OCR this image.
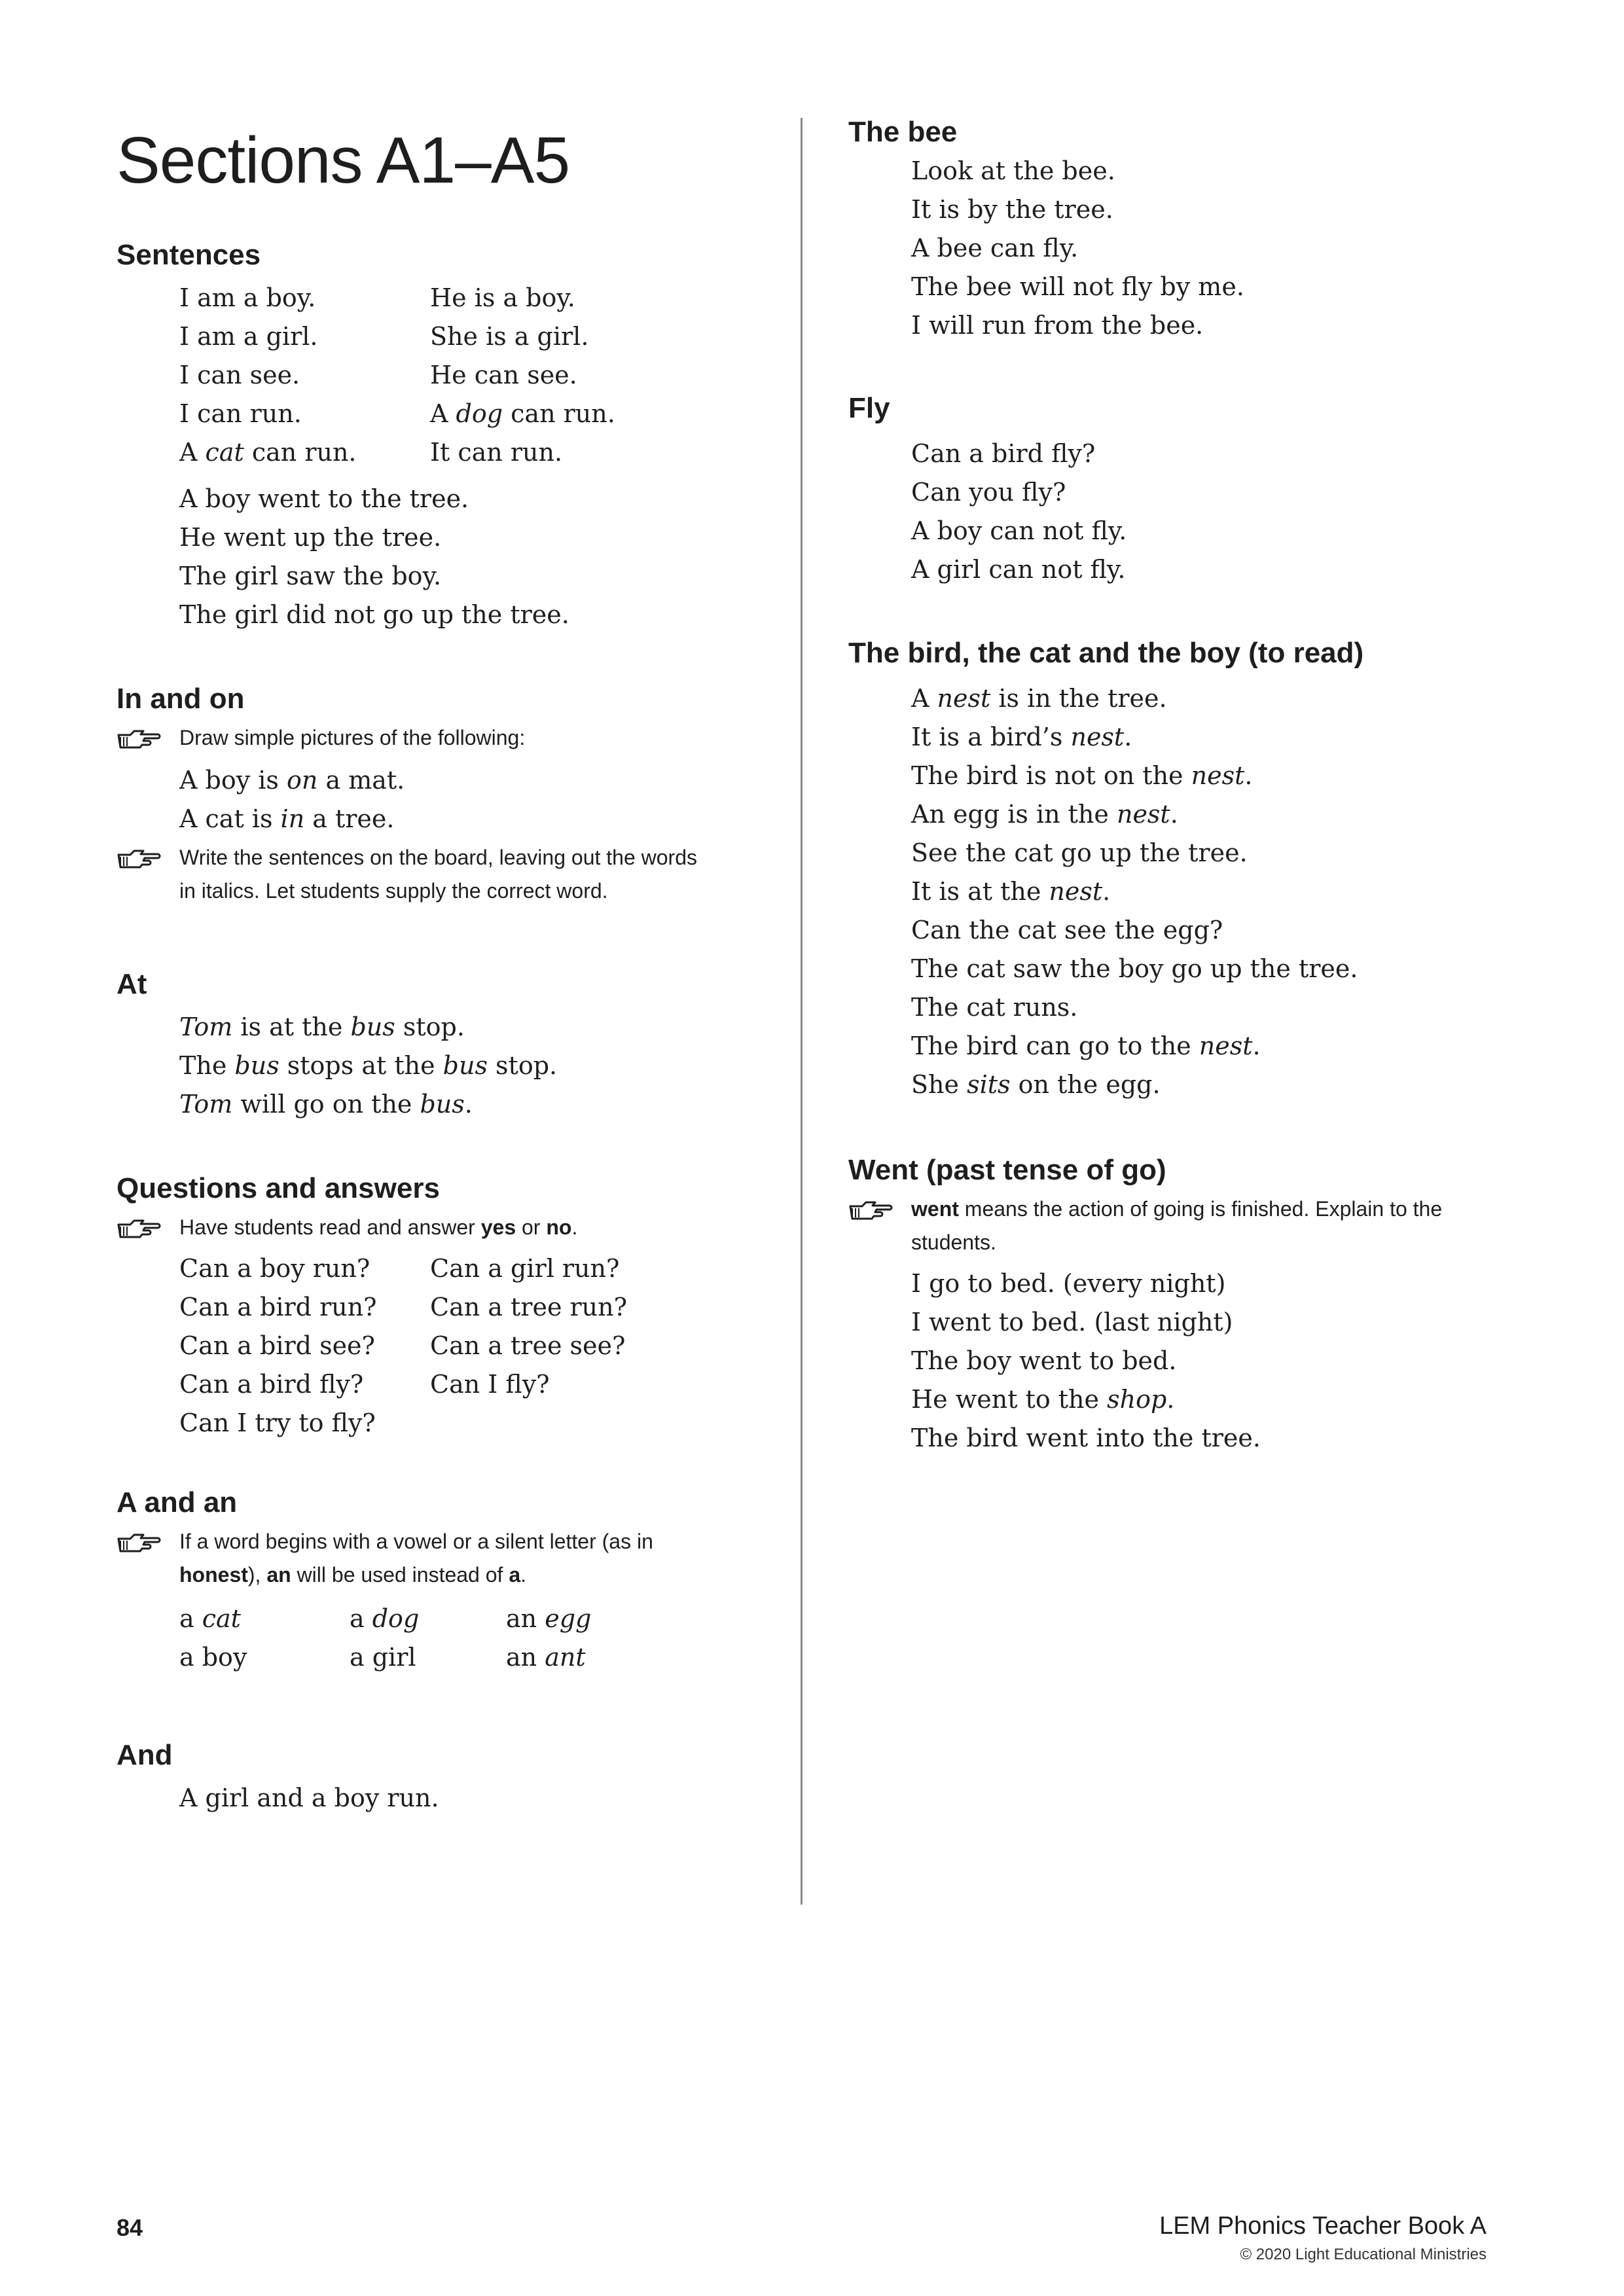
Sections A1–A5
Sentences
I am a boy.	He is a boy.
I am a girl.	She is a girl.
I can see.	He can see.
I can run.	A dog can run.
A cat can run.	It can run.
A boy went to the tree.
He went up the tree.
The girl saw the boy.
The girl did not go up the tree.
In and on

Draw simple pictures of the following:

A boy is on a mat.
A cat is in a tree.

Write the sentences on the board, leaving out the words
in italics. Let students supply the correct word.

At
Tom is at the bus stop.
The bus stops at the bus stop.
Tom will go on the bus.
Questions and answers

Have students read and answer yes or no.

Can a boy run?	Can a girl run?
Can a bird run?	Can a tree run?
Can a bird see?	Can a tree see?
Can a bird fly?	Can I fly?
Can I try to fly?
A and an

If a word begins with a vowel or a silent letter (as in
honest), an will be used instead of a.

a cat	a dog	an egg
a boy	a girl	an ant
And
A girl and a boy run.
The bee
Look at the bee.
It is by the tree.
A bee can fly.
The bee will not fly by me.
I will run from the bee.
Fly
Can a bird fly?
Can you fly?
A boy can not fly.
A girl can not fly.
The bird, the cat and the boy (to read)
A nest is in the tree.
It is a bird’s nest.
The bird is not on the nest.
An egg is in the nest.
See the cat go up the tree.
It is at the nest.
Can the cat see the egg?
The cat saw the boy go up the tree.
The cat runs.
The bird can go to the nest.
She sits on the egg.
Went (past tense of go)

went means the action of going is finished. Explain to the
students.

I go to bed. (every night)
I went to bed. (last night)
The boy went to bed.
He went to the shop.
The bird went into the tree.
84	LEM Phonics Teacher Book A
© 2020 Light Educational Ministries
